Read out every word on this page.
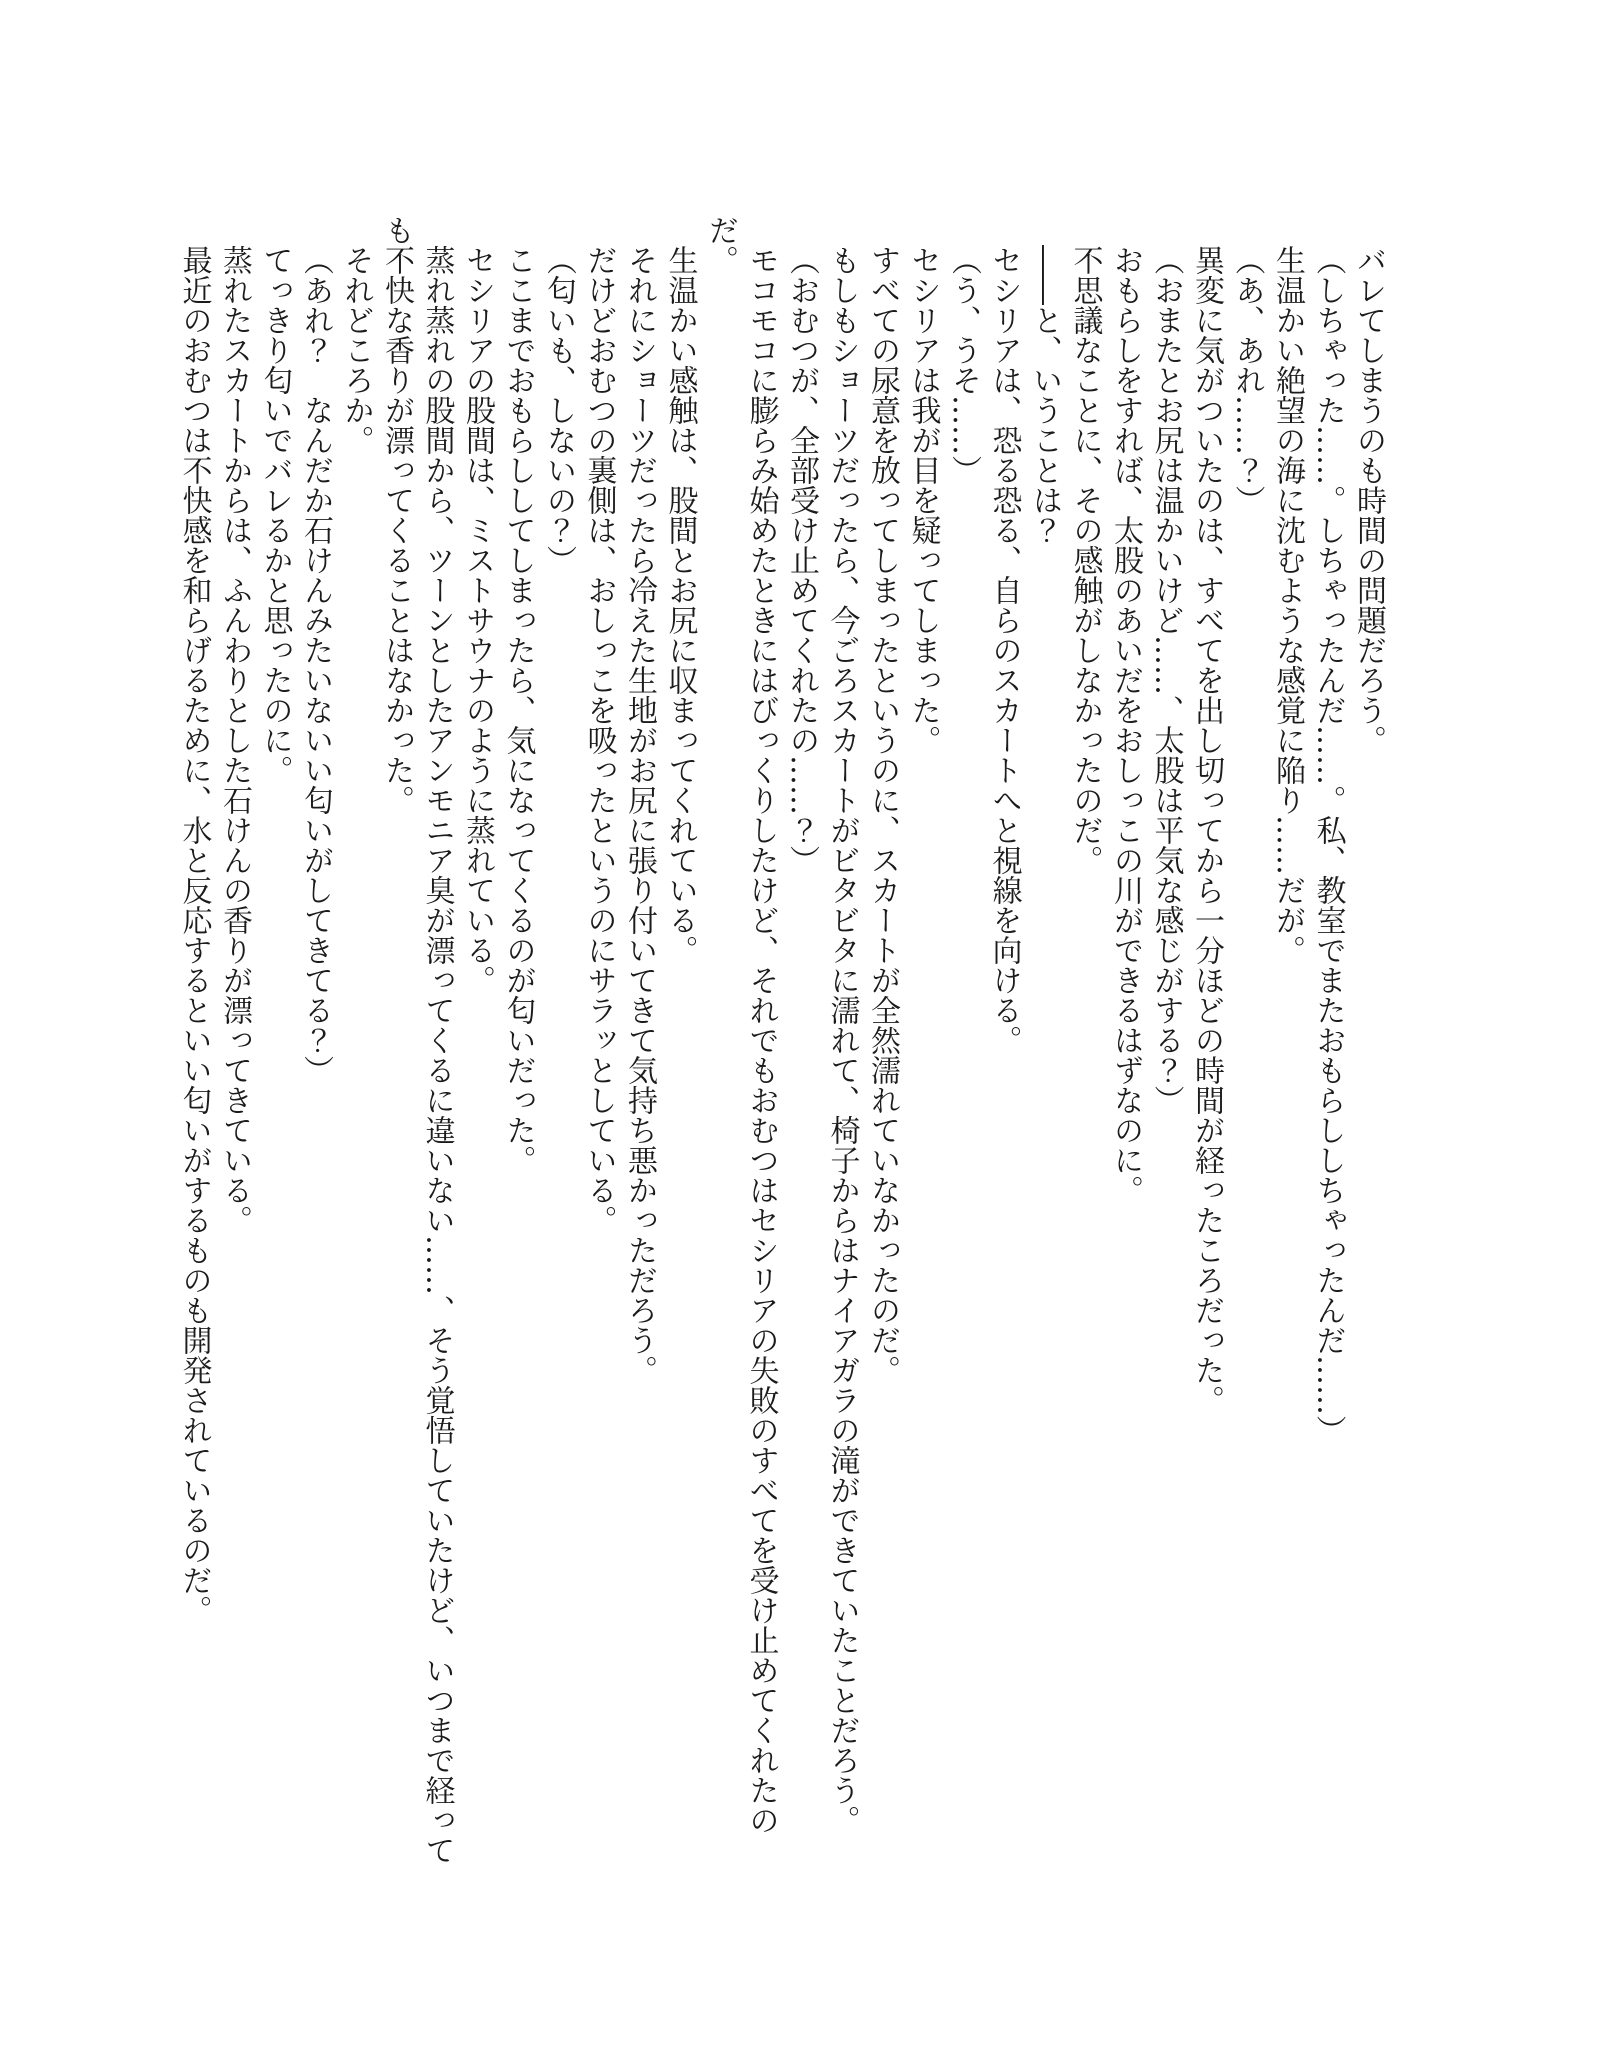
バレてしまうのも時間の問題だろう。

（しちゃった……。しちゃったんだ……。私、教室でまたおもらししちゃったんだ……）

生温かい絶望の海に沈むような感覚に陥り……だが。

（あ、あれ……？）

異変に気がついたのは、すべてを出し切ってから一分ほどの時間が経ったころだった。

（おまたとお尻は温かいけど……、太股は平気な感じがする？）

おもらしをすれば、太股のあいだをおしっこの川ができるはずなのに。

不思議なことに、その感触がしなかったのだ。

――と、いうことは？

セシリアは、恐る恐る、自らのスカートへと視線を向ける。

（う、うそ……）

セシリアは我が目を疑ってしまった。

すべての尿意を放ってしまったというのに、スカートが全然濡れていなかったのだ。

もしもショーツだったら、今ごろスカートがビタビタに濡れて、椅子からはナイアガラの滝ができていたことだろう。

（おむつが、全部受け止めてくれたの……？）

モコモコに膨らみ始めたときにはびっくりしたけど、それでもおむつはセシリアの失敗のすべてを受け止めてくれたのだ。

生温かい感触は、股間とお尻に収まってくれている。

それにショーツだったら冷えた生地がお尻に張り付いてきて気持ち悪かっただろう。

だけどおむつの裏側は、おしっこを吸ったというのにサラッとしている。

（匂いも、しないの？）

ここまでおもらししてしまったら、気になってくるのが匂いだった。

セシリアの股間は、ミストサウナのように蒸れている。

蒸れ蒸れの股間から、ツーンとしたアンモニア臭が漂ってくるに違いない……、そう覚悟していたけど、いつまで経っても不快な香りが漂ってくることはなかった。

それどころか。

（あれ？　なんだか石けんみたいないい匂いがしてきてる？）

てっきり匂いでバレるかと思ったのに。

蒸れたスカートからは、ふんわりとした石けんの香りが漂ってきている。

最近のおむつは不快感を和らげるために、水と反応するといい匂いがするものも開発されているのだ。
